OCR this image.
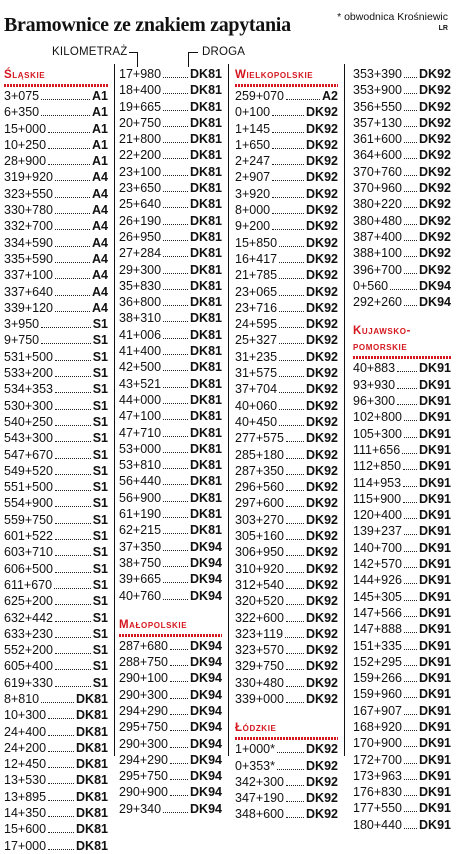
Bramownice ze znakiem zapytania	* obwodnica Krośniewic
LR
KILOMETRAŻ	DROGA
Śląskie
3+075	A1
6+350	A1
15+000	A1
10+250	A1
28+900	A1
319+920	A4
323+550	A4
330+780	A4
332+700	A4
334+590	A4
335+590	A4
337+100	A4
337+640	A4
339+120	A4
3+950	S1
9+750	S1
531+500	S1
533+200	S1
534+353	S1
530+300	S1
540+250	S1
543+300	S1
547+670	S1
549+520	S1
551+500	S1
554+900	S1
559+750	S1
601+522	S1
603+710	S1
606+500	S1
611+670	S1
625+200	S1
632+442	S1
633+230	S1
552+200	S1
605+400	S1
619+330	S1
8+810	DK81
10+300 DK81
24+400 DK81
24+200 DK81
12+450 DK81
13+530 DK81
13+895 DK81
14+350 DK81
15+600 DK81
17+000 DK81
17+980 DK81
18+400 DK81
19+665 DK81
20+750 DK81
21+800 DK81
22+200 DK81
23+100 DK81
23+650 DK81
25+640 DK81
26+190 DK81
26+950 DK81
27+284 DK81
29+300 DK81
35+830 DK81
36+800 DK81
38+310 DK81
41+006 DK81
41+400 DK81
42+500 DK81
43+521 DK81
44+000 DK81
47+100 DK81
47+710 DK81
53+000 DK81
53+810 DK81
56+440 DK81
56+900 DK81
61+190 DK81
62+215 DK81
37+350 DK94
38+750 DK94
39+665 DK94
40+760 DK94
Małopolskie
287+680 DK94
288+750 DK94
290+100 DK94
290+300 DK94
294+290 DK94
295+750 DK94
290+300 DK94
294+290 DK94
295+750 DK94
290+900 DK94
29+340 DK94
Wielkopolskie
259+070	A2
0+100	DK92
1+145	DK92
1+650	DK92
2+247	DK92
2+907	DK92
3+920	DK92
8+000	DK92
9+200	DK92
15+850 DK92
16+417 DK92
21+785 DK92
23+065 DK92
23+716 DK92
24+595 DK92
25+327 DK92
31+235 DK92
31+575 DK92
37+704 DK92
40+060 DK92
40+450 DK92
277+575 DK92
285+180 DK92
287+350 DK92
296+560 DK92
297+600 DK92
303+270 DK92
305+160 DK92
306+950 DK92
310+920 DK92
312+540 DK92
320+520 DK92
322+600 DK92
323+119 DK92
323+570 DK92
329+750 DK92
330+480 DK92
339+000 DK92
Łódzkie
1+000* DK92
0+353* DK92
342+300 DK92
347+190 DK92
348+600 DK92
353+390 DK92
353+900 DK92
356+550 DK92
357+130 DK92
361+600 DK92
364+600 DK92
370+760 DK92
370+960 DK92
380+220 DK92
380+480 DK92
387+400 DK92
388+100 DK92
396+700 DK92
0+560 DK94
292+260 DK94
Kujawsko-
pomorskie
40+883 DK91
93+930 DK91
96+300 DK91
102+800 DK91
105+300 DK91
111+656 DK91
112+850 DK91
114+953 DK91
115+900 DK91
120+400 DK91
139+237 DK91
140+700 DK91
142+570 DK91
144+926 DK91
145+305 DK91
147+566 DK91
147+888 DK91
151+335 DK91
152+295 DK91
159+266 DK91
159+960 DK91
167+907 DK91
168+920 DK91
170+900 DK91
172+700 DK91
173+963 DK91
176+830 DK91
177+550 DK91
180+440 DK91
